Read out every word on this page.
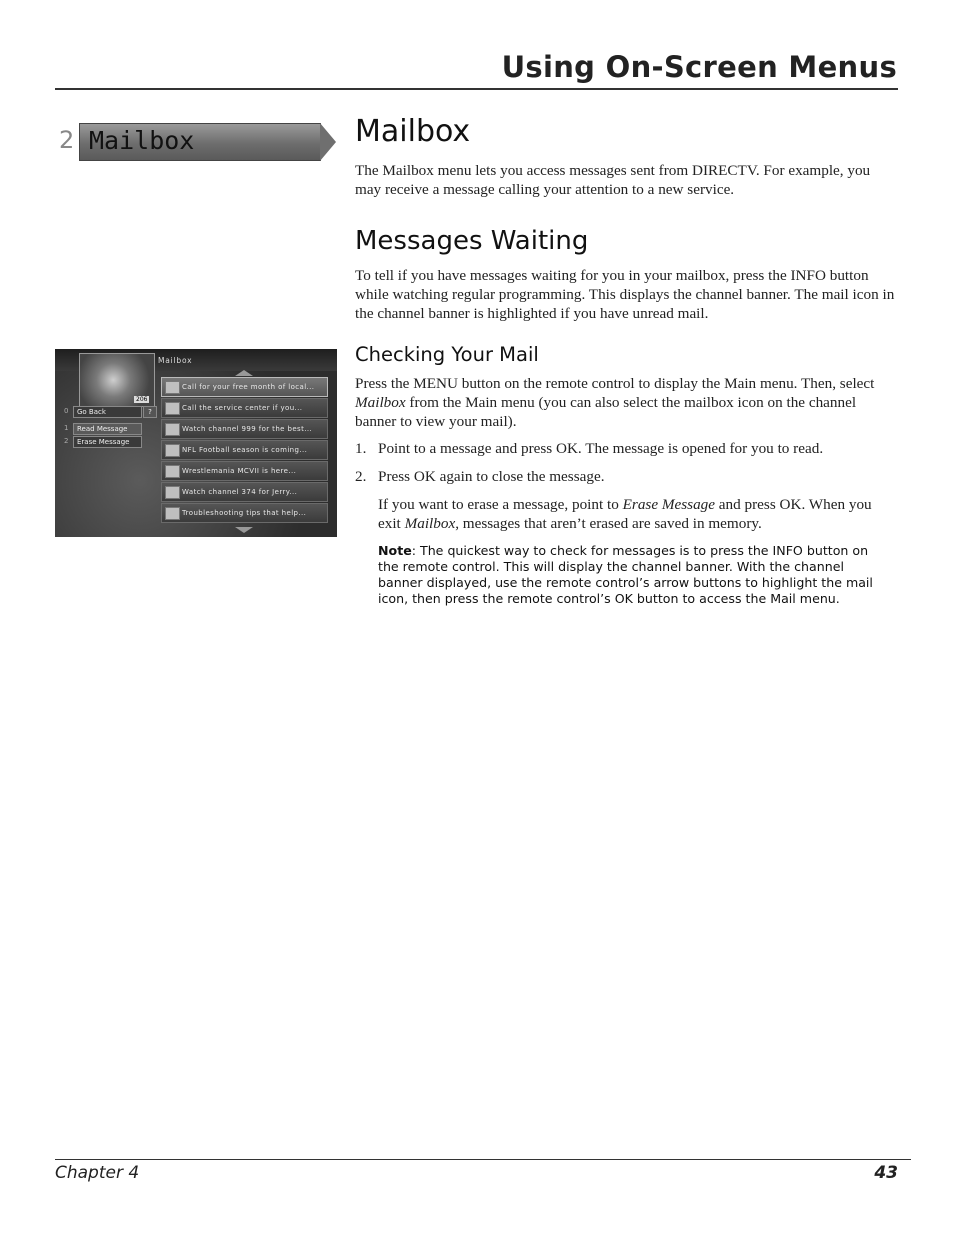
Using On-Screen Menus
2 Mailbox	Mailbox

The Mailbox menu lets you access messages sent from DIRECTV. For example, you may receive a message calling your attention to a new service.

Messages Waiting

To tell if you have messages waiting for you in your mailbox, press the INFO button while watching regular programming. This displays the channel banner. The mail icon in the channel banner is highlighted if you have unread mail.

Checking Your Mail

Press the MENU button on the remote control to display the Main menu. Then, select Mailbox from the Main menu (you can also select the mailbox icon on the channel banner to view your mail).

1. Point to a message and press OK. The message is opened for you to read.
2. Press OK again to close the message.

If you want to erase a message, point to Erase Message and press OK. When you exit Mailbox, messages that aren’t erased are saved in memory.

Note: The quickest way to check for messages is to press the INFO button on the remote control. This will display the channel banner. With the channel banner displayed, use the remote control’s arrow buttons to highlight the mail icon, then press the remote control’s OK button to access the Mail menu.

206
Mailbox
0	Go Back	?
1	Read Message
2	Erase Message
Call for your free month of local...
Call the service center if you...
Watch channel 999 for the best...
NFL Football season is coming...
Wrestlemania MCVII is here...
Watch channel 374 for Jerry...
Troubleshooting tips that help...
Chapter 4	43
